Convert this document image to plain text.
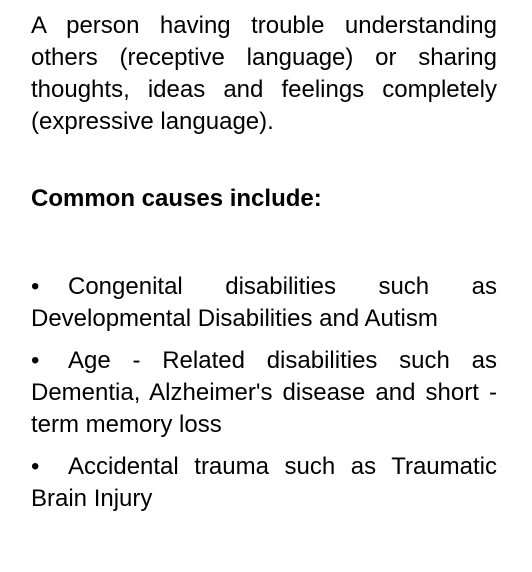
A person having trouble understanding others (receptive language) or sharing thoughts, ideas and feelings completely (expressive language).

Common causes include:

• Congenital disabilities such as Developmental Disabilities and Autism
• Age - Related disabilities such as Dementia, Alzheimer's disease and short - term memory loss
• Accidental trauma such as Traumatic Brain Injury
